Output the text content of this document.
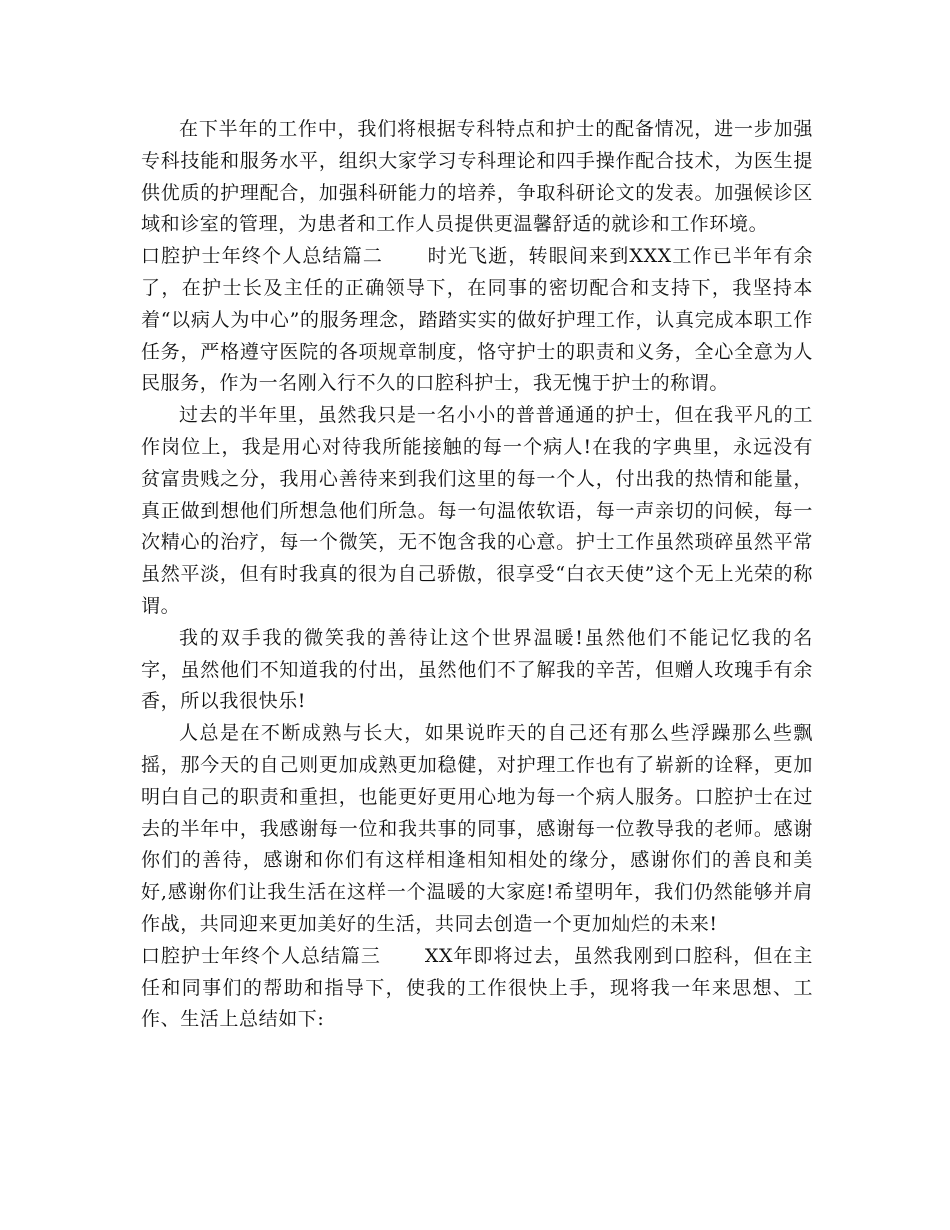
在下半年的工作中，我们将根据专科特点和护士的配备情况，进一步加强专科技能和服务水平，组织大家学习专科理论和四手操作配合技术，为医生提供优质的护理配合，加强科研能力的培养，争取科研论文的发表。加强候诊区域和诊室的管理，为患者和工作人员提供更温馨舒适的就诊和工作环境。

口腔护士年终个人总结篇二 时光飞逝，转眼间来到XXX工作已半年有余了，在护士长及主任的正确领导下，在同事的密切配合和支持下，我坚持本着“以病人为中心”的服务理念，踏踏实实的做好护理工作，认真完成本职工作任务，严格遵守医院的各项规章制度，恪守护士的职责和义务，全心全意为人民服务，作为一名刚入行不久的口腔科护士，我无愧于护士的称谓。

过去的半年里，虽然我只是一名小小的普普通通的护士，但在我平凡的工作岗位上，我是用心对待我所能接触的每一个病人!在我的字典里，永远没有贫富贵贱之分，我用心善待来到我们这里的每一个人，付出我的热情和能量，真正做到想他们所想急他们所急。每一句温侬软语，每一声亲切的问候，每一次精心的治疗，每一个微笑，无不饱含我的心意。护士工作虽然琐碎虽然平常虽然平淡，但有时我真的很为自己骄傲，很享受“白衣天使”这个无上光荣的称谓。

我的双手我的微笑我的善待让这个世界温暖!虽然他们不能记忆我的名字，虽然他们不知道我的付出，虽然他们不了解我的辛苦，但赠人玫瑰手有余香，所以我很快乐!

人总是在不断成熟与长大，如果说昨天的自己还有那么些浮躁那么些飘摇，那今天的自己则更加成熟更加稳健，对护理工作也有了崭新的诠释，更加明白自己的职责和重担，也能更好更用心地为每一个病人服务。口腔护士在过去的半年中，我感谢每一位和我共事的同事，感谢每一位教导我的老师。感谢你们的善待，感谢和你们有这样相逢相知相处的缘分，感谢你们的善良和美好,感谢你们让我生活在这样一个温暖的大家庭!希望明年，我们仍然能够并肩作战，共同迎来更加美好的生活，共同去创造一个更加灿烂的未来!

口腔护士年终个人总结篇三 XX年即将过去，虽然我刚到口腔科，但在主任和同事们的帮助和指导下，使我的工作很快上手，现将我一年来思想、工作、生活上总结如下:
